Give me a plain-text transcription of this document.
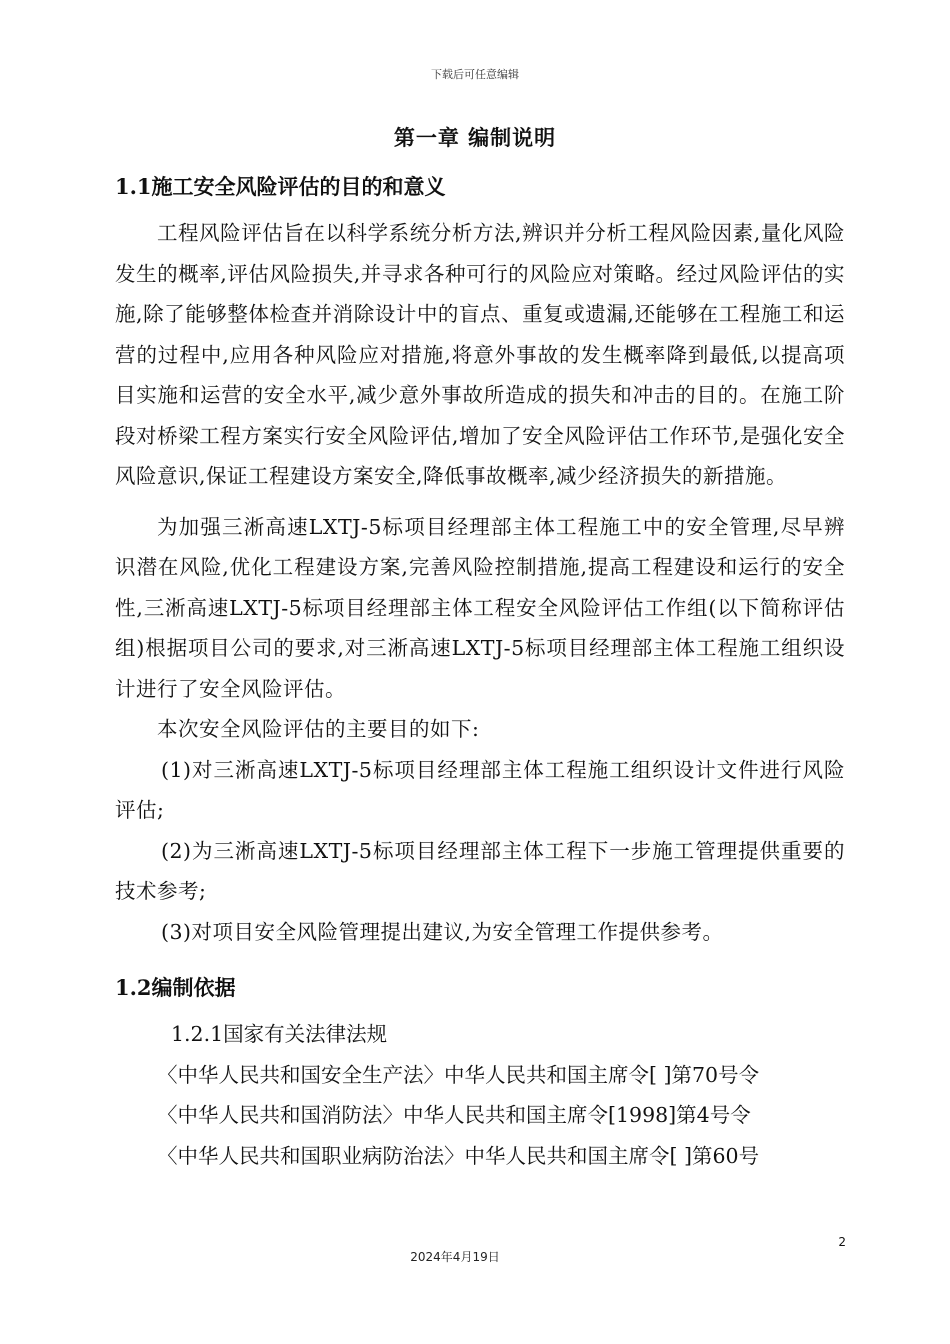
下载后可任意编辑
第一章 编制说明
1.1施工安全风险评估的目的和意义

工程风险评估旨在以科学系统分析方法,辨识并分析工程风险因素,量化风险发生的概率,评估风险损失,并寻求各种可行的风险应对策略。经过风险评估的实施,除了能够整体检查并消除设计中的盲点、重复或遗漏,还能够在工程施工和运营的过程中,应用各种风险应对措施,将意外事故的发生概率降到最低,以提高项目实施和运营的安全水平,减少意外事故所造成的损失和冲击的目的。在施工阶段对桥梁工程方案实行安全风险评估,增加了安全风险评估工作环节,是强化安全风险意识,保证工程建设方案安全,降低事故概率,减少经济损失的新措施。

为加强三淅高速LXTJ-5标项目经理部主体工程施工中的安全管理,尽早辨识潜在风险,优化工程建设方案,完善风险控制措施,提高工程建设和运行的安全性,三淅高速LXTJ-5标项目经理部主体工程安全风险评估工作组(以下简称评估组)根据项目公司的要求,对三淅高速LXTJ-5标项目经理部主体工程施工组织设计进行了安全风险评估。

本次安全风险评估的主要目的如下:

(1)对三淅高速LXTJ-5标项目经理部主体工程施工组织设计文件进行风险评估;

(2)为三淅高速LXTJ-5标项目经理部主体工程下一步施工管理提供重要的技术参考;

(3)对项目安全风险管理提出建议,为安全管理工作提供参考。

1.2编制依据

1.2.1国家有关法律法规

〈中华人民共和国安全生产法〉中华人民共和国主席令[ ]第70号令

〈中华人民共和国消防法〉中华人民共和国主席令[1998]第4号令

〈中华人民共和国职业病防治法〉中华人民共和国主席令[ ]第60号

2
2024年4月19日
